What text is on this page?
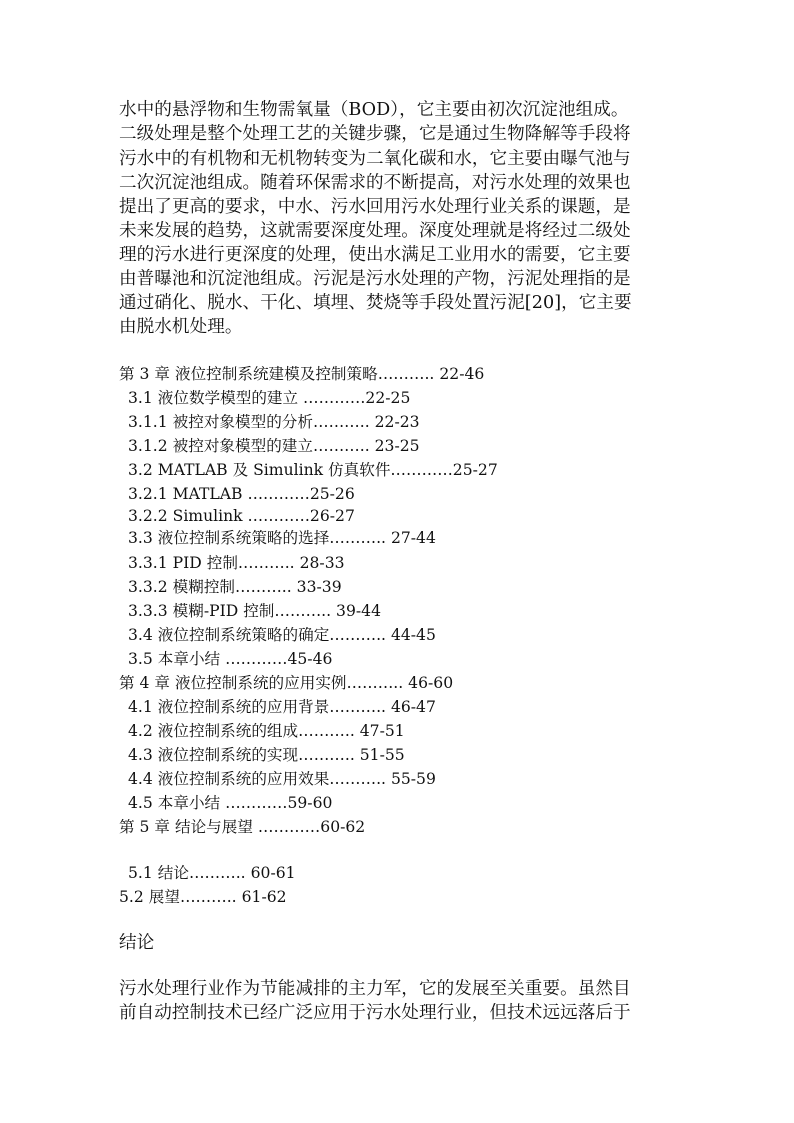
水中的悬浮物和生物需氧量（BOD），它主要由初次沉淀池组成。
二级处理是整个处理工艺的关键步骤，它是通过生物降解等手段将
污水中的有机物和无机物转变为二氧化碳和水，它主要由曝气池与
二次沉淀池组成。随着环保需求的不断提高，对污水处理的效果也
提出了更高的要求，中水、污水回用污水处理行业关系的课题，是
未来发展的趋势，这就需要深度处理。深度处理就是将经过二级处
理的污水进行更深度的处理，使出水满足工业用水的需要，它主要
由普曝池和沉淀池组成。污泥是污水处理的产物，污泥处理指的是
通过硝化、脱水、干化、填埋、焚烧等手段处置污泥[20]，它主要
由脱水机处理。
第 3 章 液位控制系统建模及控制策略……….. 22-46
3.1 液位数学模型的建立 …………22-25
3.1.1 被控对象模型的分析……….. 22-23
3.1.2 被控对象模型的建立……….. 23-25
3.2 MATLAB 及 Simulink 仿真软件…………25-27
3.2.1 MATLAB …………25-26
3.2.2 Simulink …………26-27
3.3 液位控制系统策略的选择……….. 27-44
3.3.1 PID 控制……….. 28-33
3.3.2 模糊控制……….. 33-39
3.3.3 模糊-PID 控制……….. 39-44
3.4 液位控制系统策略的确定……….. 44-45
3.5 本章小结 …………45-46
第 4 章 液位控制系统的应用实例……….. 46-60
4.1 液位控制系统的应用背景……….. 46-47
4.2 液位控制系统的组成……….. 47-51
4.3 液位控制系统的实现……….. 51-55
4.4 液位控制系统的应用效果……….. 55-59
4.5 本章小结 …………59-60
第 5 章 结论与展望 …………60-62
5.1 结论……….. 60-61
5.2 展望……….. 61-62
结论
污水处理行业作为节能减排的主力军，它的发展至关重要。虽然目
前自动控制技术已经广泛应用于污水处理行业，但技术远远落后于
